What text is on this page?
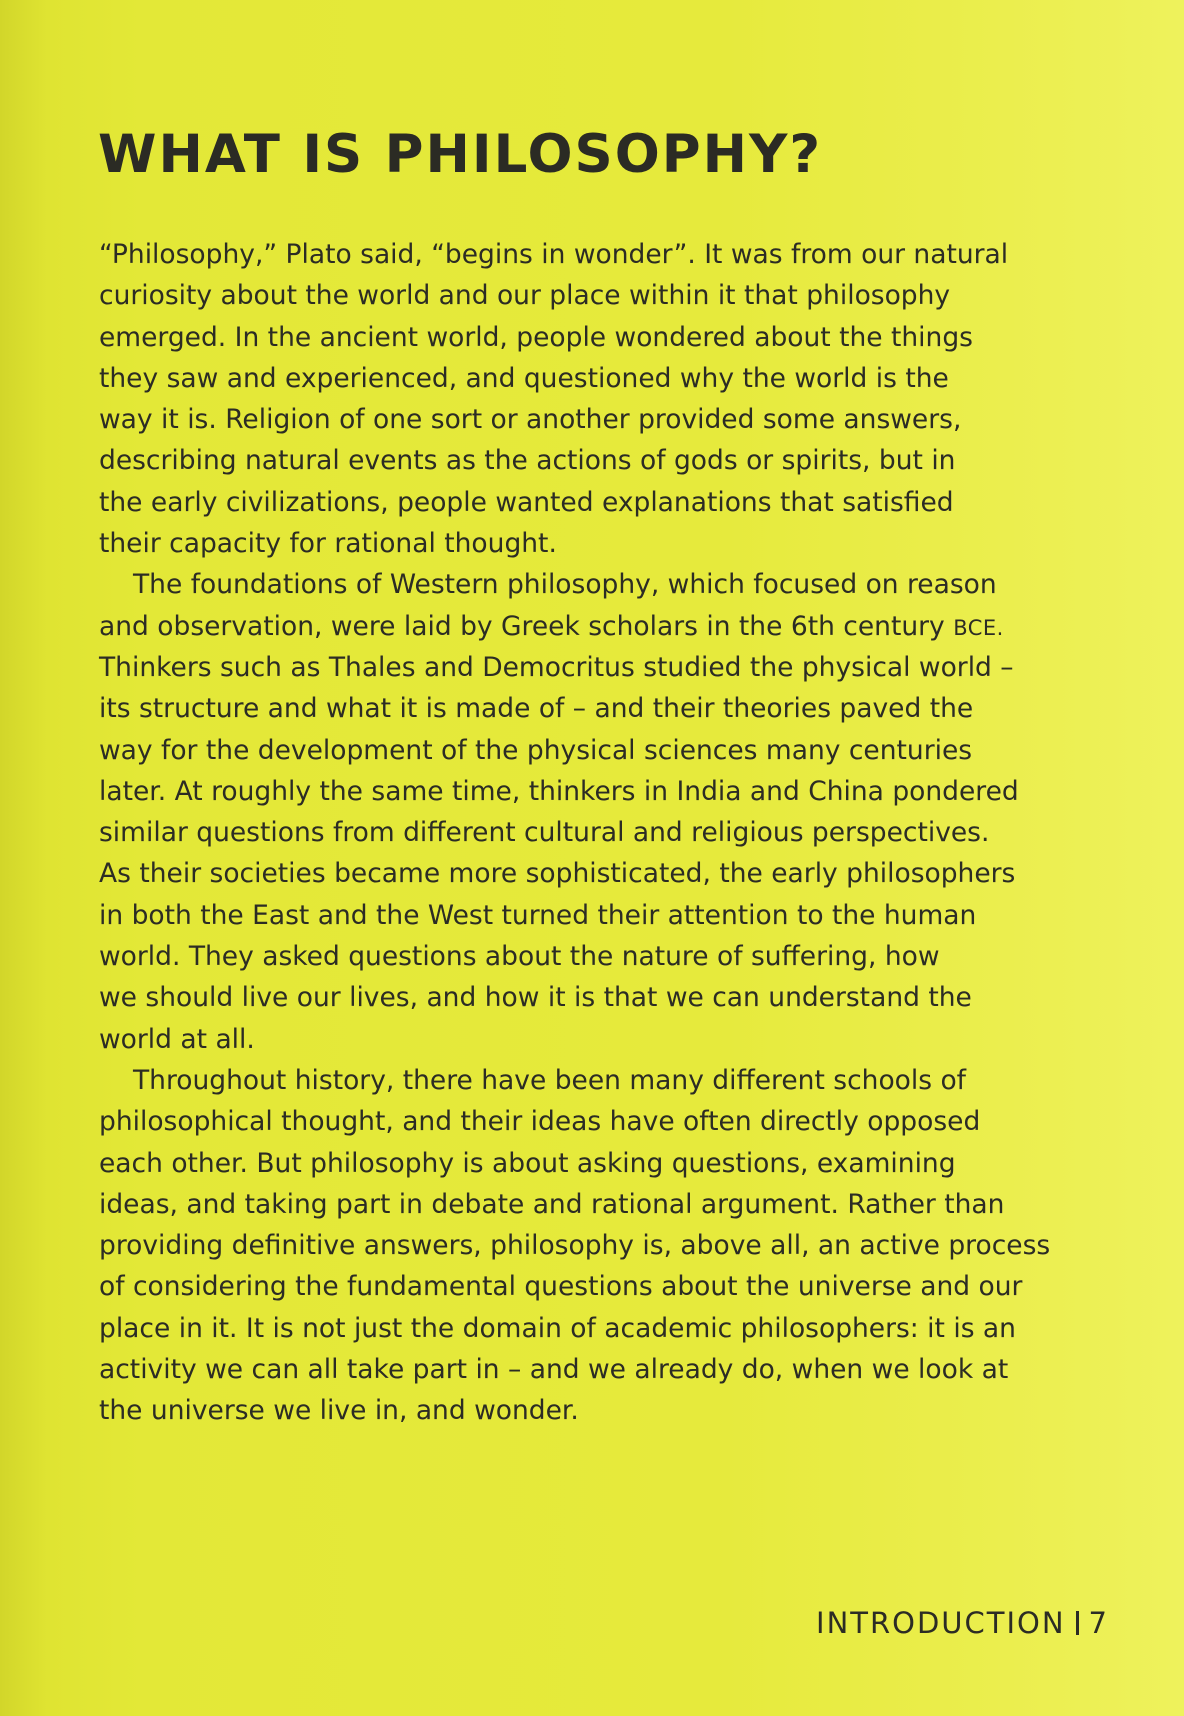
WHAT IS PHILOSOPHY?
“Philosophy,” Plato said, “begins in wonder”. It was from our natural
curiosity about the world and our place within it that philosophy
emerged. In the ancient world, people wondered about the things
they saw and experienced, and questioned why the world is the
way it is. Religion of one sort or another provided some answers,
describing natural events as the actions of gods or spirits, but in
the early civilizations, people wanted explanations that satisfied
their capacity for rational thought.
The foundations of Western philosophy, which focused on reason
and observation, were laid by Greek scholars in the 6th century BCE.
Thinkers such as Thales and Democritus studied the physical world –
its structure and what it is made of – and their theories paved the
way for the development of the physical sciences many centuries
later. At roughly the same time, thinkers in India and China pondered
similar questions from different cultural and religious perspectives.
As their societies became more sophisticated, the early philosophers
in both the East and the West turned their attention to the human
world. They asked questions about the nature of suffering, how
we should live our lives, and how it is that we can understand the
world at all.
Throughout history, there have been many different schools of
philosophical thought, and their ideas have often directly opposed
each other. But philosophy is about asking questions, examining
ideas, and taking part in debate and rational argument. Rather than
providing definitive answers, philosophy is, above all, an active process
of considering the fundamental questions about the universe and our
place in it. It is not just the domain of academic philosophers: it is an
activity we can all take part in – and we already do, when we look at
the universe we live in, and wonder.
INTRODUCTION 7
